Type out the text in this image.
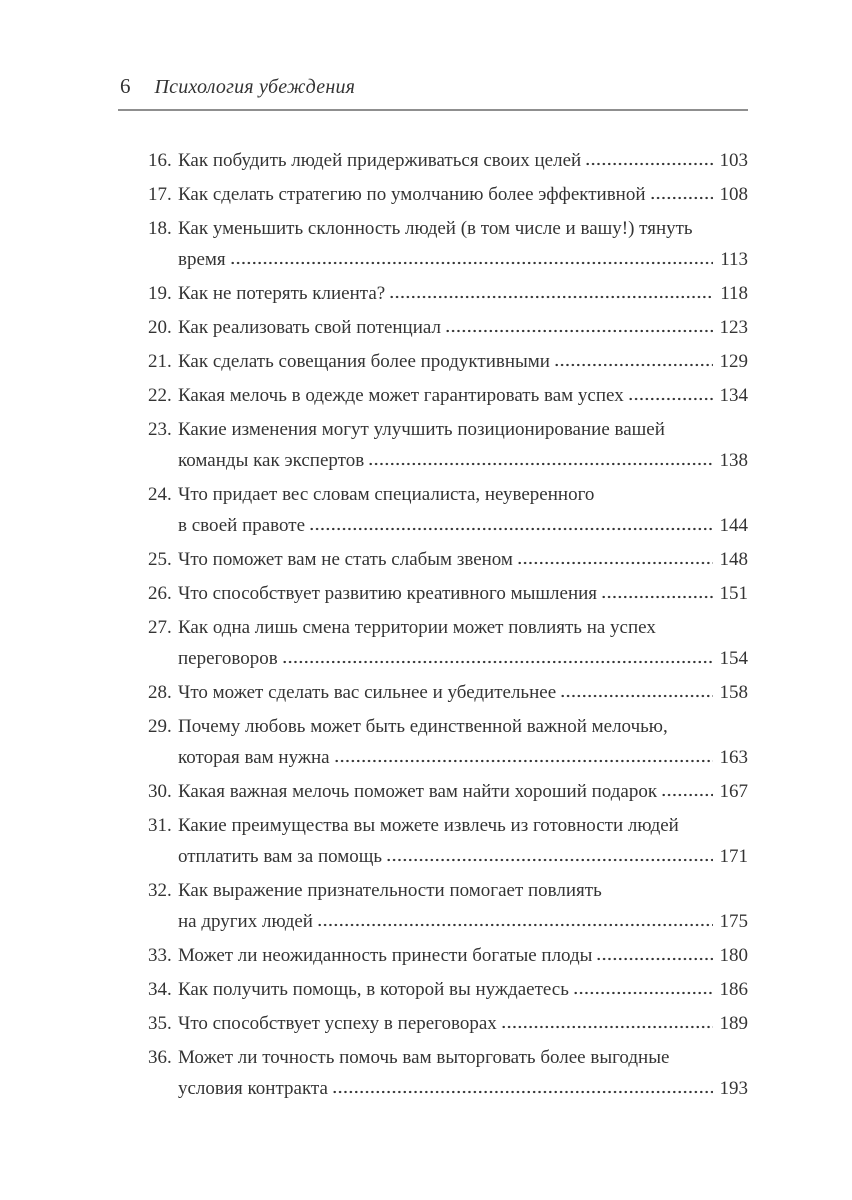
6 Психология убеждения
16. Как побудить людей придерживаться своих целей	103
17. Как сделать стратегию по умолчанию более эффективной	108
18. Как уменьшить склонность людей (в том числе и вашу!) тянуть
время	113
19. Как не потерять клиента?	118
20. Как реализовать свой потенциал	123
21. Как сделать совещания более продуктивными	129
22. Какая мелочь в одежде может гарантировать вам успех	134
23. Какие изменения могут улучшить позиционирование вашей
команды как экспертов	138
24. Что придает вес словам специалиста, неуверенного
в своей правоте	144
25. Что поможет вам не стать слабым звеном	148
26. Что способствует развитию креативного мышления	151
27. Как одна лишь смена территории может повлиять на успех
переговоров	154
28. Что может сделать вас сильнее и убедительнее	158
29. Почему любовь может быть единственной важной мелочью,
которая вам нужна	163
30. Какая важная мелочь поможет вам найти хороший подарок	167
31. Какие преимущества вы можете извлечь из готовности людей
отплатить вам за помощь	171
32. Как выражение признательности помогает повлиять
на других людей	175
33. Может ли неожиданность принести богатые плоды	180
34. Как получить помощь, в которой вы нуждаетесь	186
35. Что способствует успеху в переговорах	189
36. Может ли точность помочь вам выторговать более выгодные
условия контракта	193
